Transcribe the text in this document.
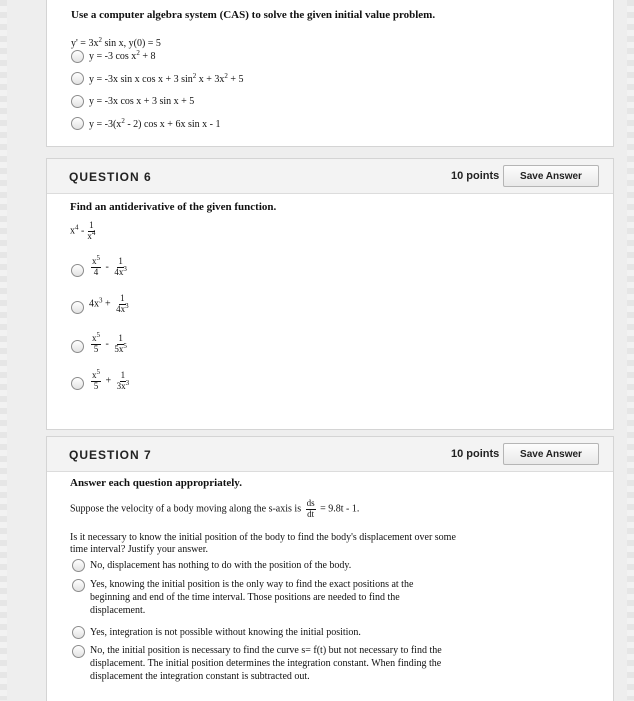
Use a computer algebra system (CAS) to solve the given initial value problem.
$y' = 3x^2$ sin x, y(0) = 5
y = -3 $\cos x^2 + 8$
y = -3x sin x cos x + 3 $\sin^2 x + 3x^2 + 5$
y = -3x cos x + 3 sin x + 5
$y = -3(x^2 - 2)$ cos x + 6x sin x - 1
QUESTION 6	10 points	Save Answer
Find an antiderivative of the given function.
$x^4 - \frac{1}{x^4}$
$\frac{x^5}{4} - \frac{1}{4x^3}$
$4x^3 + \frac{1}{4x^3}$
$\frac{x^5}{5} - \frac{1}{5x^5}$
$\frac{x^5}{5} + \frac{1}{3x^3}$
QUESTION 7	10 points	Save Answer
Answer each question appropriately.
Suppose the velocity of a body moving along the s-axis is $\frac{ds}{dt} = 9.8t - 1$.
Is it necessary to know the initial position of the body to find the body's displacement over some time interval? Justify your answer.
No, displacement has nothing to do with the position of the body.
Yes, knowing the initial position is the only way to find the exact positions at the beginning and end of the time interval. Those positions are needed to find the displacement.
Yes, integration is not possible without knowing the initial position.
No, the initial position is necessary to find the curve s= f(t) but not necessary to find the displacement. The initial position determines the integration constant. When finding the displacement the integration constant is subtracted out.
